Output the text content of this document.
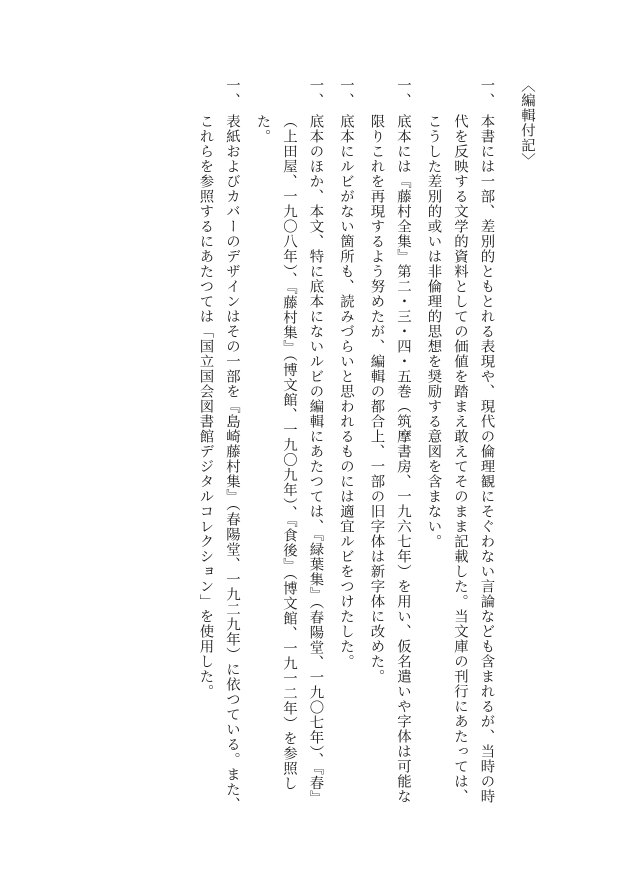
〈編輯付記〉
一、

本書には一部、差別的ともとれる表現や、現代の倫理観にそぐわない言論なども含まれるが、当時の時代を反映する文学的資料としての価値を踏まえ敢えてそのまま記載した。当文庫の刊行にあたっては、こうした差別的或いは非倫理的思想を奨励する意図を含まない。

一、

底本には『藤村全集』第二・三・四・五巻（筑摩書房、一九六七年）を用い、仮名遣いや字体は可能な限りこれを再現するよう努めたが、編輯の都合上、一部の旧字体は新字体に改めた。

一、

底本にルビがない箇所も、読みづらいと思われるものには適宜ルビをつけたした。

一、

底本のほか、本文、特に底本にないルビの編輯にあたつては、『緑葉集』（春陽堂、一九〇七年）、『春』（上田屋、一九〇八年）、『藤村集』（博文館、一九〇九年）、『食後』（博文館、一九一二年）を参照した。

一、

表紙およびカバーのデザインはその一部を『島崎藤村集』（春陽堂、一九二九年）に依つている。また、これらを参照するにあたつては「国立国会図書館デジタルコレクション」を使用した。
